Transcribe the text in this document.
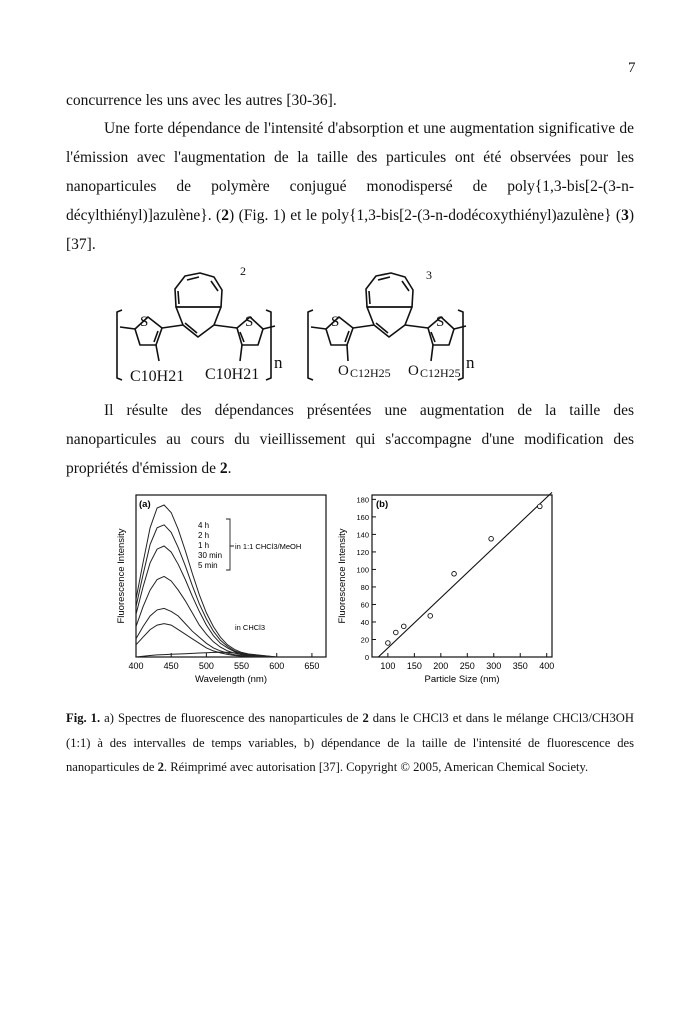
7

concurrence les uns avec les autres [30-36].

Une forte dépendance de l'intensité d'absorption et une augmentation significative de l'émission avec l'augmentation de la taille des particules ont été observées pour les nanoparticules de polymère conjugué monodispersé de poly{1,3-bis[2-(3-n-décylthiényl)]azulène}. (2) (Fig. 1) et le poly{1,3-bis[2-(3-n-dodécoxythiényl)azulène} (3) [37].

2	3
S	S	S	S
n	n
C10H21 C10H21	O C12H25 O C12H25

Il résulte des dépendances présentées une augmentation de la taille des nanoparticules au cours du vieillissement qui s'accompagne d'une modification des propriétés d'émission de 2.

(a)
Fluorescence Intensity
Wavelength (nm)
400 450 500 550 600 650
4 h
2 h
1 h
30 min
5 min
in 1:1 CHCl3/MeOH
in CHCl3
(b)
Fluorescence Intensity
Particle Size (nm)
100 150 200 250 300 350 400
0
20
40
60
80
100
120
140
160
180

Fig. 1. a) Spectres de fluorescence des nanoparticules de 2 dans le CHCl3 et dans le mélange CHCl3/CH3OH (1:1) à des intervalles de temps variables, b) dépendance de la taille de l'intensité de fluorescence des nanoparticules de 2. Réimprimé avec autorisation [37]. Copyright © 2005, American Chemical Society.
